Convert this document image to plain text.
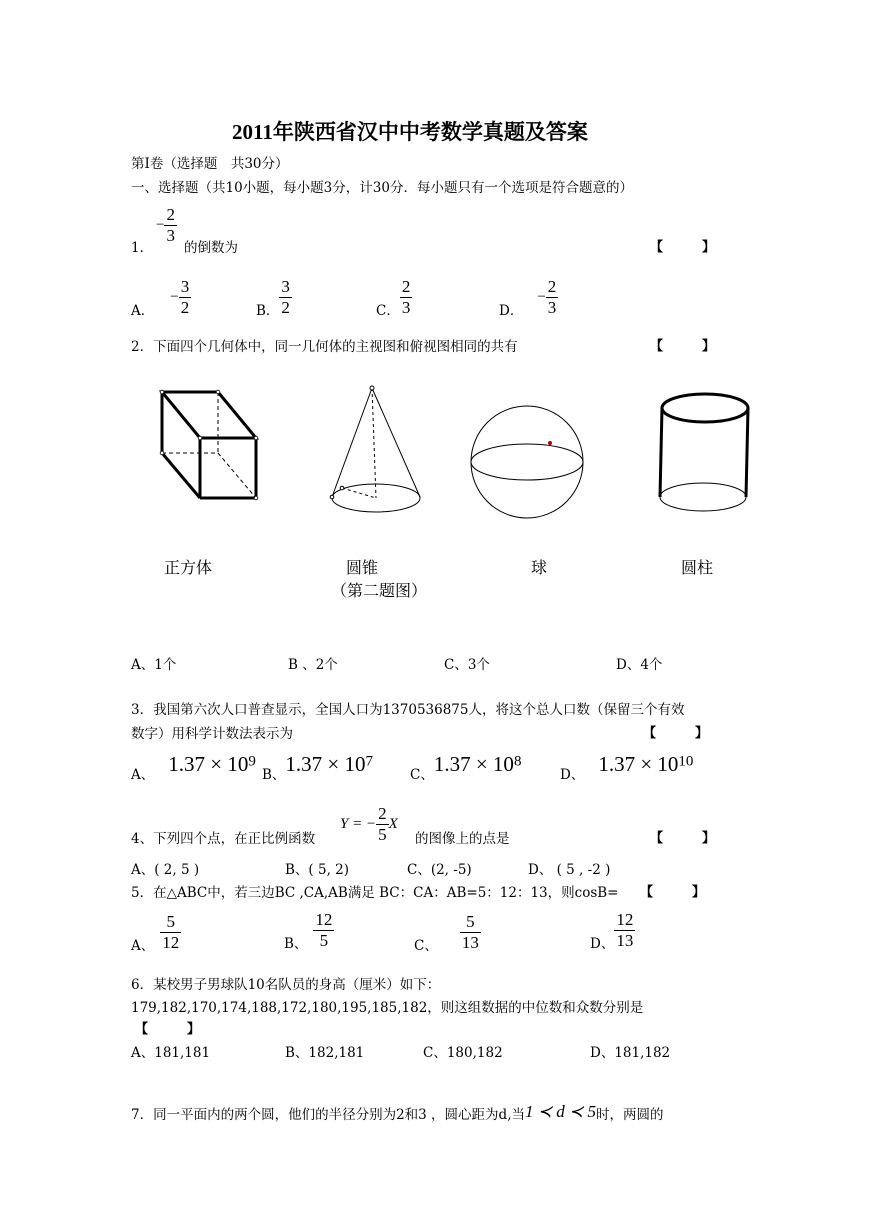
2011年陕西省汉中中考数学真题及答案
第Ⅰ卷（选择题　共30分）
一、选择题（共10小题，每小题3分，计30分．每小题只有一个选项是符合题意的）
− $\frac{2}{3}$
1． 的倒数为	【　　　】
A．− $\frac{3}{2}$	B． $\frac{3}{2}$	C． $\frac{2}{3}$	D．− $\frac{2}{3}$
2．下面四个几何体中，同一几何体的主视图和俯视图相同的共有	【　　　】
正方体	圆锥	球	圆柱
（第二题图）
A、1个	B 、2个	C、3个	D、4个
3．我国第六次人口普查显示，全国人口为1370536875人，将这个总人口数（保留三个有效
数字）用科学计数法表示为	【　　　】
A、 $1.37 \times 10^9$
B、$1.37 \times 10^7$
C、$1.37 \times 10^8$
D、 $1.37 \times 10^{10}$
Y = − $\frac{2}{5}$ X
4、下列四个点，在正比例函数	的图像上的点是	【　　　】
A、( 2, 5 )	B、( 5, 2)	C、(2, -5)	D、 ( 5 , -2 )
5．在△ABC中，若三边BC ,CA,AB满足 BC：CA：AB=5：12：13，则cosB= 【　　　】
A、 $\frac{5}{12}$	B、 $\frac{12}{5}$	C、 $\frac{5}{13}$	D、 $\frac{12}{13}$
6．某校男子男球队10名队员的身高（厘米）如下：
179,182,170,174,188,172,180,195,185,182，则这组数据的中位数和众数分别是
【　　　】
A、181,181	B、182,181	C、180,182	D、181,182
7．同一平面内的两个圆，他们的半径分别为2和3 ，圆心距为d,当1 ≺ d ≺ 5时，两圆的
